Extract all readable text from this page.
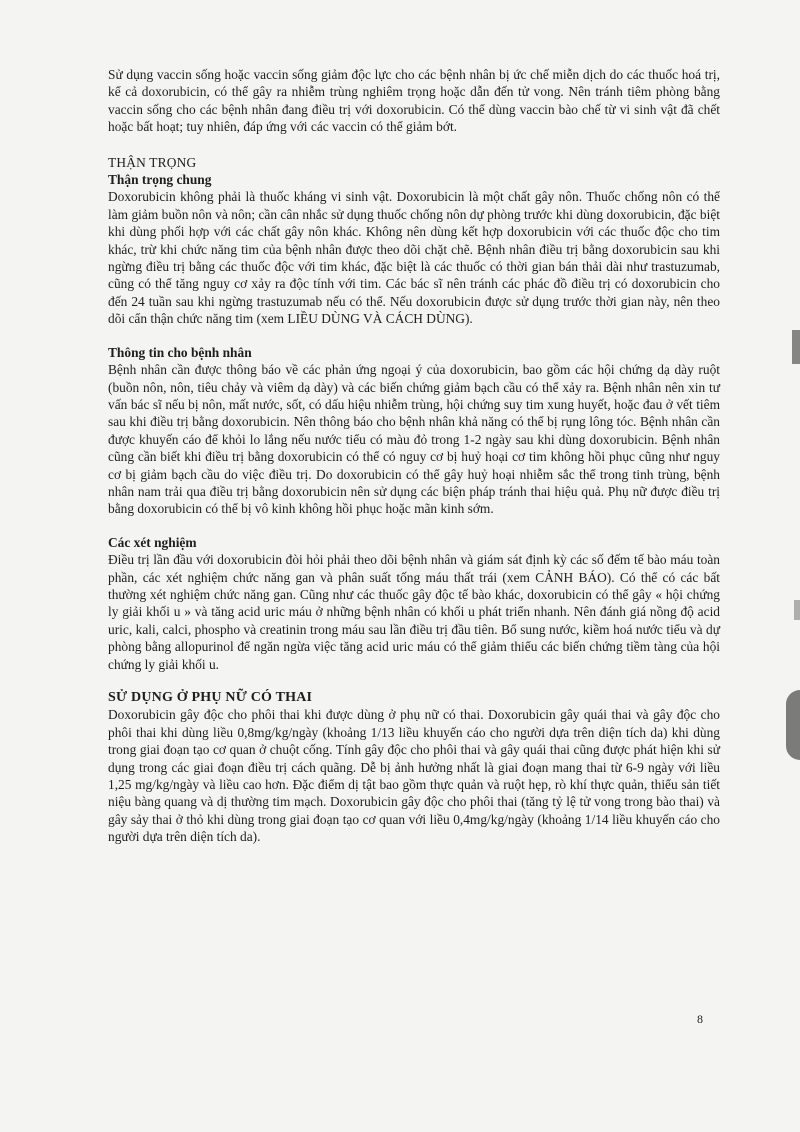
Sử dụng vaccin sống hoặc vaccin sống giảm độc lực cho các bệnh nhân bị ức chế miễn dịch do các thuốc hoá trị, kể cả doxorubicin, có thể gây ra nhiễm trùng nghiêm trọng hoặc dẫn đến tử vong. Nên tránh tiêm phòng bằng vaccin sống cho các bệnh nhân đang điều trị với doxorubicin. Có thể dùng vaccin bào chế từ vi sinh vật đã chết hoặc bất hoạt; tuy nhiên, đáp ứng với các vaccin có thể giảm bớt.

THẬN TRỌNG

Thận trọng chung

Doxorubicin không phải là thuốc kháng vi sinh vật. Doxorubicin là một chất gây nôn. Thuốc chống nôn có thể làm giảm buồn nôn và nôn; cần cân nhắc sử dụng thuốc chống nôn dự phòng trước khi dùng doxorubicin, đặc biệt khi dùng phối hợp với các chất gây nôn khác. Không nên dùng kết hợp doxorubicin với các thuốc độc cho tim khác, trừ khi chức năng tim của bệnh nhân được theo dõi chặt chẽ. Bệnh nhân điều trị bằng doxorubicin sau khi ngừng điều trị bằng các thuốc độc với tim khác, đặc biệt là các thuốc có thời gian bán thải dài như trastuzumab, cũng có thể tăng nguy cơ xảy ra độc tính với tim. Các bác sĩ nên tránh các phác đồ điều trị có doxorubicin cho đến 24 tuần sau khi ngừng trastuzumab nếu có thể. Nếu doxorubicin được sử dụng trước thời gian này, nên theo dõi cẩn thận chức năng tim (xem LIỀU DÙNG VÀ CÁCH DÙNG).

Thông tin cho bệnh nhân

Bệnh nhân cần được thông báo về các phản ứng ngoại ý của doxorubicin, bao gồm các hội chứng dạ dày ruột (buồn nôn, nôn, tiêu chảy và viêm dạ dày) và các biến chứng giảm bạch cầu có thể xảy ra. Bệnh nhân nên xin tư vấn bác sĩ nếu bị nôn, mất nước, sốt, có dấu hiệu nhiễm trùng, hội chứng suy tim xung huyết, hoặc đau ở vết tiêm sau khi điều trị bằng doxorubicin. Nên thông báo cho bệnh nhân khả năng có thể bị rụng lông tóc. Bệnh nhân cần được khuyến cáo để khỏi lo lắng nếu nước tiểu có màu đỏ trong 1-2 ngày sau khi dùng doxorubicin. Bệnh nhân cũng cần biết khi điều trị bằng doxorubicin có thể có nguy cơ bị huỷ hoại cơ tim không hồi phục cũng như nguy cơ bị giảm bạch cầu do việc điều trị. Do doxorubicin có thể gây huỷ hoại nhiễm sắc thể trong tinh trùng, bệnh nhân nam trải qua điều trị bằng doxorubicin nên sử dụng các biện pháp tránh thai hiệu quả. Phụ nữ được điều trị bằng doxorubicin có thể bị vô kinh không hồi phục hoặc mãn kinh sớm.

Các xét nghiệm

Điều trị lần đầu với doxorubicin đòi hỏi phải theo dõi bệnh nhân và giám sát định kỳ các số đếm tế bào máu toàn phần, các xét nghiệm chức năng gan và phân suất tống máu thất trái (xem CẢNH BÁO). Có thể có các bất thường xét nghiệm chức năng gan. Cũng như các thuốc gây độc tế bào khác, doxorubicin có thể gây « hội chứng ly giải khối u » và tăng acid uric máu ở những bệnh nhân có khối u phát triển nhanh. Nên đánh giá nồng độ acid uric, kali, calci, phospho và creatinin trong máu sau lần điều trị đầu tiên. Bổ sung nước, kiềm hoá nước tiểu và dự phòng bằng allopurinol để ngăn ngừa việc tăng acid uric máu có thể giảm thiểu các biến chứng tiềm tàng của hội chứng ly giải khối u.

SỬ DỤNG Ở PHỤ NỮ CÓ THAI

Doxorubicin gây độc cho phôi thai khi được dùng ở phụ nữ có thai. Doxorubicin gây quái thai và gây độc cho phôi thai khi dùng liều 0,8mg/kg/ngày (khoảng 1/13 liều khuyến cáo cho người dựa trên diện tích da) khi dùng trong giai đoạn tạo cơ quan ở chuột cống. Tính gây độc cho phôi thai và gây quái thai cũng được phát hiện khi sử dụng trong các giai đoạn điều trị cách quãng. Dễ bị ảnh hưởng nhất là giai đoạn mang thai từ 6-9 ngày với liều 1,25 mg/kg/ngày và liều cao hơn. Đặc điểm dị tật bao gồm thực quản và ruột hẹp, rò khí thực quản, thiểu sản tiết niệu bàng quang và dị thường tim mạch. Doxorubicin gây độc cho phôi thai (tăng tỷ lệ tử vong trong bào thai) và gây sảy thai ở thỏ khi dùng trong giai đoạn tạo cơ quan với liều 0,4mg/kg/ngày (khoảng 1/14 liều khuyến cáo cho người dựa trên diện tích da).

8
